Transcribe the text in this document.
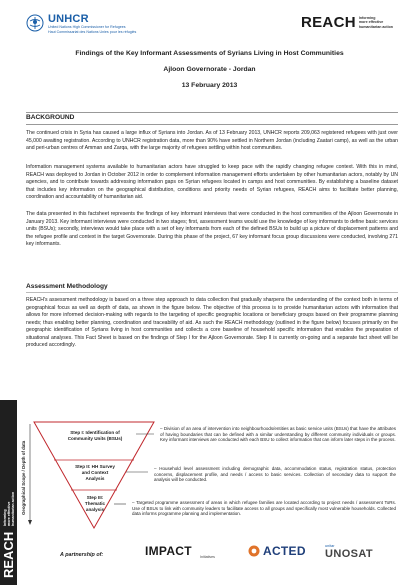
REACH
Informing more effective humanitarian action
UNHCR
United Nations High Commissioner for Refugees
Haut Commissariat des Nations Unies pour les réfugiés
REACH Informing
more effective
humanitarian action
Findings of the Key Informant Assessments of Syrians Living in Host Communities
Ajloon Governorate - Jordan
13 February 2013
BACKGROUND
The continued crisis in Syria has caused a large influx of Syrians into Jordan. As of 13 February 2013, UNHCR reports 209,063 registered refugees with just over 45,000 awaiting registration. According to UNHCR registration data, more than 90% have settled in Northern Jordan (including Zaatari camp), as well as the urban and peri-urban centres of Amman and Zarqa, with the large majority of refugees settling within host communities.
Information management systems available to humanitarian actors have struggled to keep pace with the rapidly changing refugee context. With this in mind, REACH was deployed to Jordan in October 2012 in order to complement information management efforts undertaken by other humanitarian actors, notably by UN agencies, and to contribute towards addressing information gaps on Syrian refugees located in camps and host communities. By establishing a baseline dataset that includes key information on the geographical distribution, conditions and priority needs of Syrian refugees, REACH aims to facilitate better planning, coordination and accountability of humanitarian aid.
The data presented in this factsheet represents the findings of key informant interviews that were conducted in the host communities of the Ajloon Governorate in January 2013. Key informant interviews were conducted in two stages; first, assessment teams would use the knowledge of key informants to define basic services units (BSUs); secondly, interviews would take place with a set of key informants from each of the defined BSUs to build up a picture of displacement patterns and the refugee profile and context in the target Governorate. During this phase of the project, 67 key informant focus group discussions were conducted, involving 271 key informants.
Assessment Methodology
REACH's assessment methodology is based on a three step approach to data collection that gradually sharpens the understanding of the context both in terms of geographical focus as well as depth of data, as shown in the figure below. The objective of this process is to provide humanitarian actors with information that allows for more informed decision-making with regards to the targeting of specific geographic locations or beneficiary groups based on their programme planning needs; thus enabling better planning, coordination and traceability of aid. As such the REACH methodology (outlined in the figure below) focuses primarily on the geographic identification of Syrians living in host communities and collects a core baseline of household specific information that enables the preparation of situational analyses. This Fact Sheet is based on the findings of Step I for the Ajloon Governorate. Step II is currently on-going and a separate fact sheet will be produced accordingly.
Geographical Scope / Depth of data
Step I: Identification of Community Units (BSUs)
Step II: HH Survey and Context Analysis
Step III: Thematic analysis
– Division of an area of intervention into neighbourhoods/entities as basic service units (BSUs) that have the attributes of having boundaries that can be defined with a similar understanding by different community individuals or groups. Key informant interviews are conducted with each BSU to collect information that can inform later steps in the process.
– Household level assessment including demographic data, accommodation status, registration status, protection concerns, displacement profile, and needs / access to basic services. Collection of secondary data to support the analysis will be conducted.
– Targeted programme assessment of areas in which refugee families are located according to project needs / assessment ToRs. Use of BSUs to link with community leaders to facilitate access to all groups and specifically most vulnerable households. Collected data informs programme planning and implementation.
A partnership of:	IMPACT Initiatives	ACTED	unitar
UNOSAT
